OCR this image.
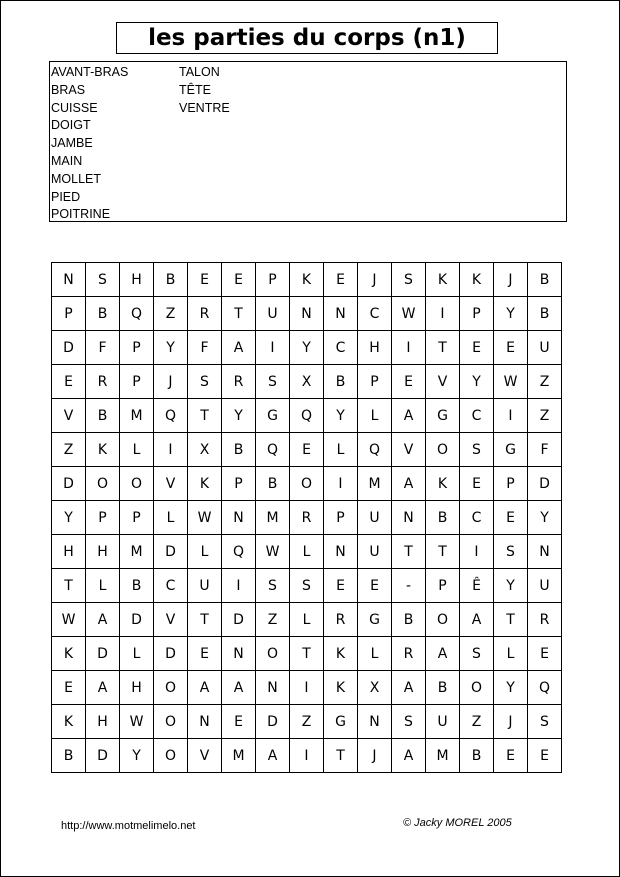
les parties du corps (n1)
AVANT-BRAS
BRAS
CUISSE
DOIGT
JAMBE
MAIN
MOLLET
PIED
POITRINE
TALON
TÊTE
VENTRE
N	S	H	B	E	E	P	K	E	J	S	K	K	J	B
P	B	Q	Z	R	T	U	N	N	C	W	I	P	Y	B
D	F	P	Y	F	A	I	Y	C	H	I	T	E	E	U
E	R	P	J	S	R	S	X	B	P	E	V	Y	W	Z
V	B	M	Q	T	Y	G	Q	Y	L	A	G	C	I	Z
Z	K	L	I	X	B	Q	E	L	Q	V	O	S	G	F
D	O	O	V	K	P	B	O	I	M	A	K	E	P	D
Y	P	P	L	W	N	M	R	P	U	N	B	C	E	Y
H	H	M	D	L	Q	W	L	N	U	T	T	I	S	N
T	L	B	C	U	I	S	S	E	E	-	P	Ê	Y	U
W	A	D	V	T	D	Z	L	R	G	B	O	A	T	R
K	D	L	D	E	N	O	T	K	L	R	A	S	L	E
E	A	H	O	A	A	N	I	K	X	A	B	O	Y	Q
K	H	W	O	N	E	D	Z	G	N	S	U	Z	J	S
B	D	Y	O	V	M	A	I	T	J	A	M	B	E	E
http://www.motmelimelo.net	© Jacky MOREL 2005
